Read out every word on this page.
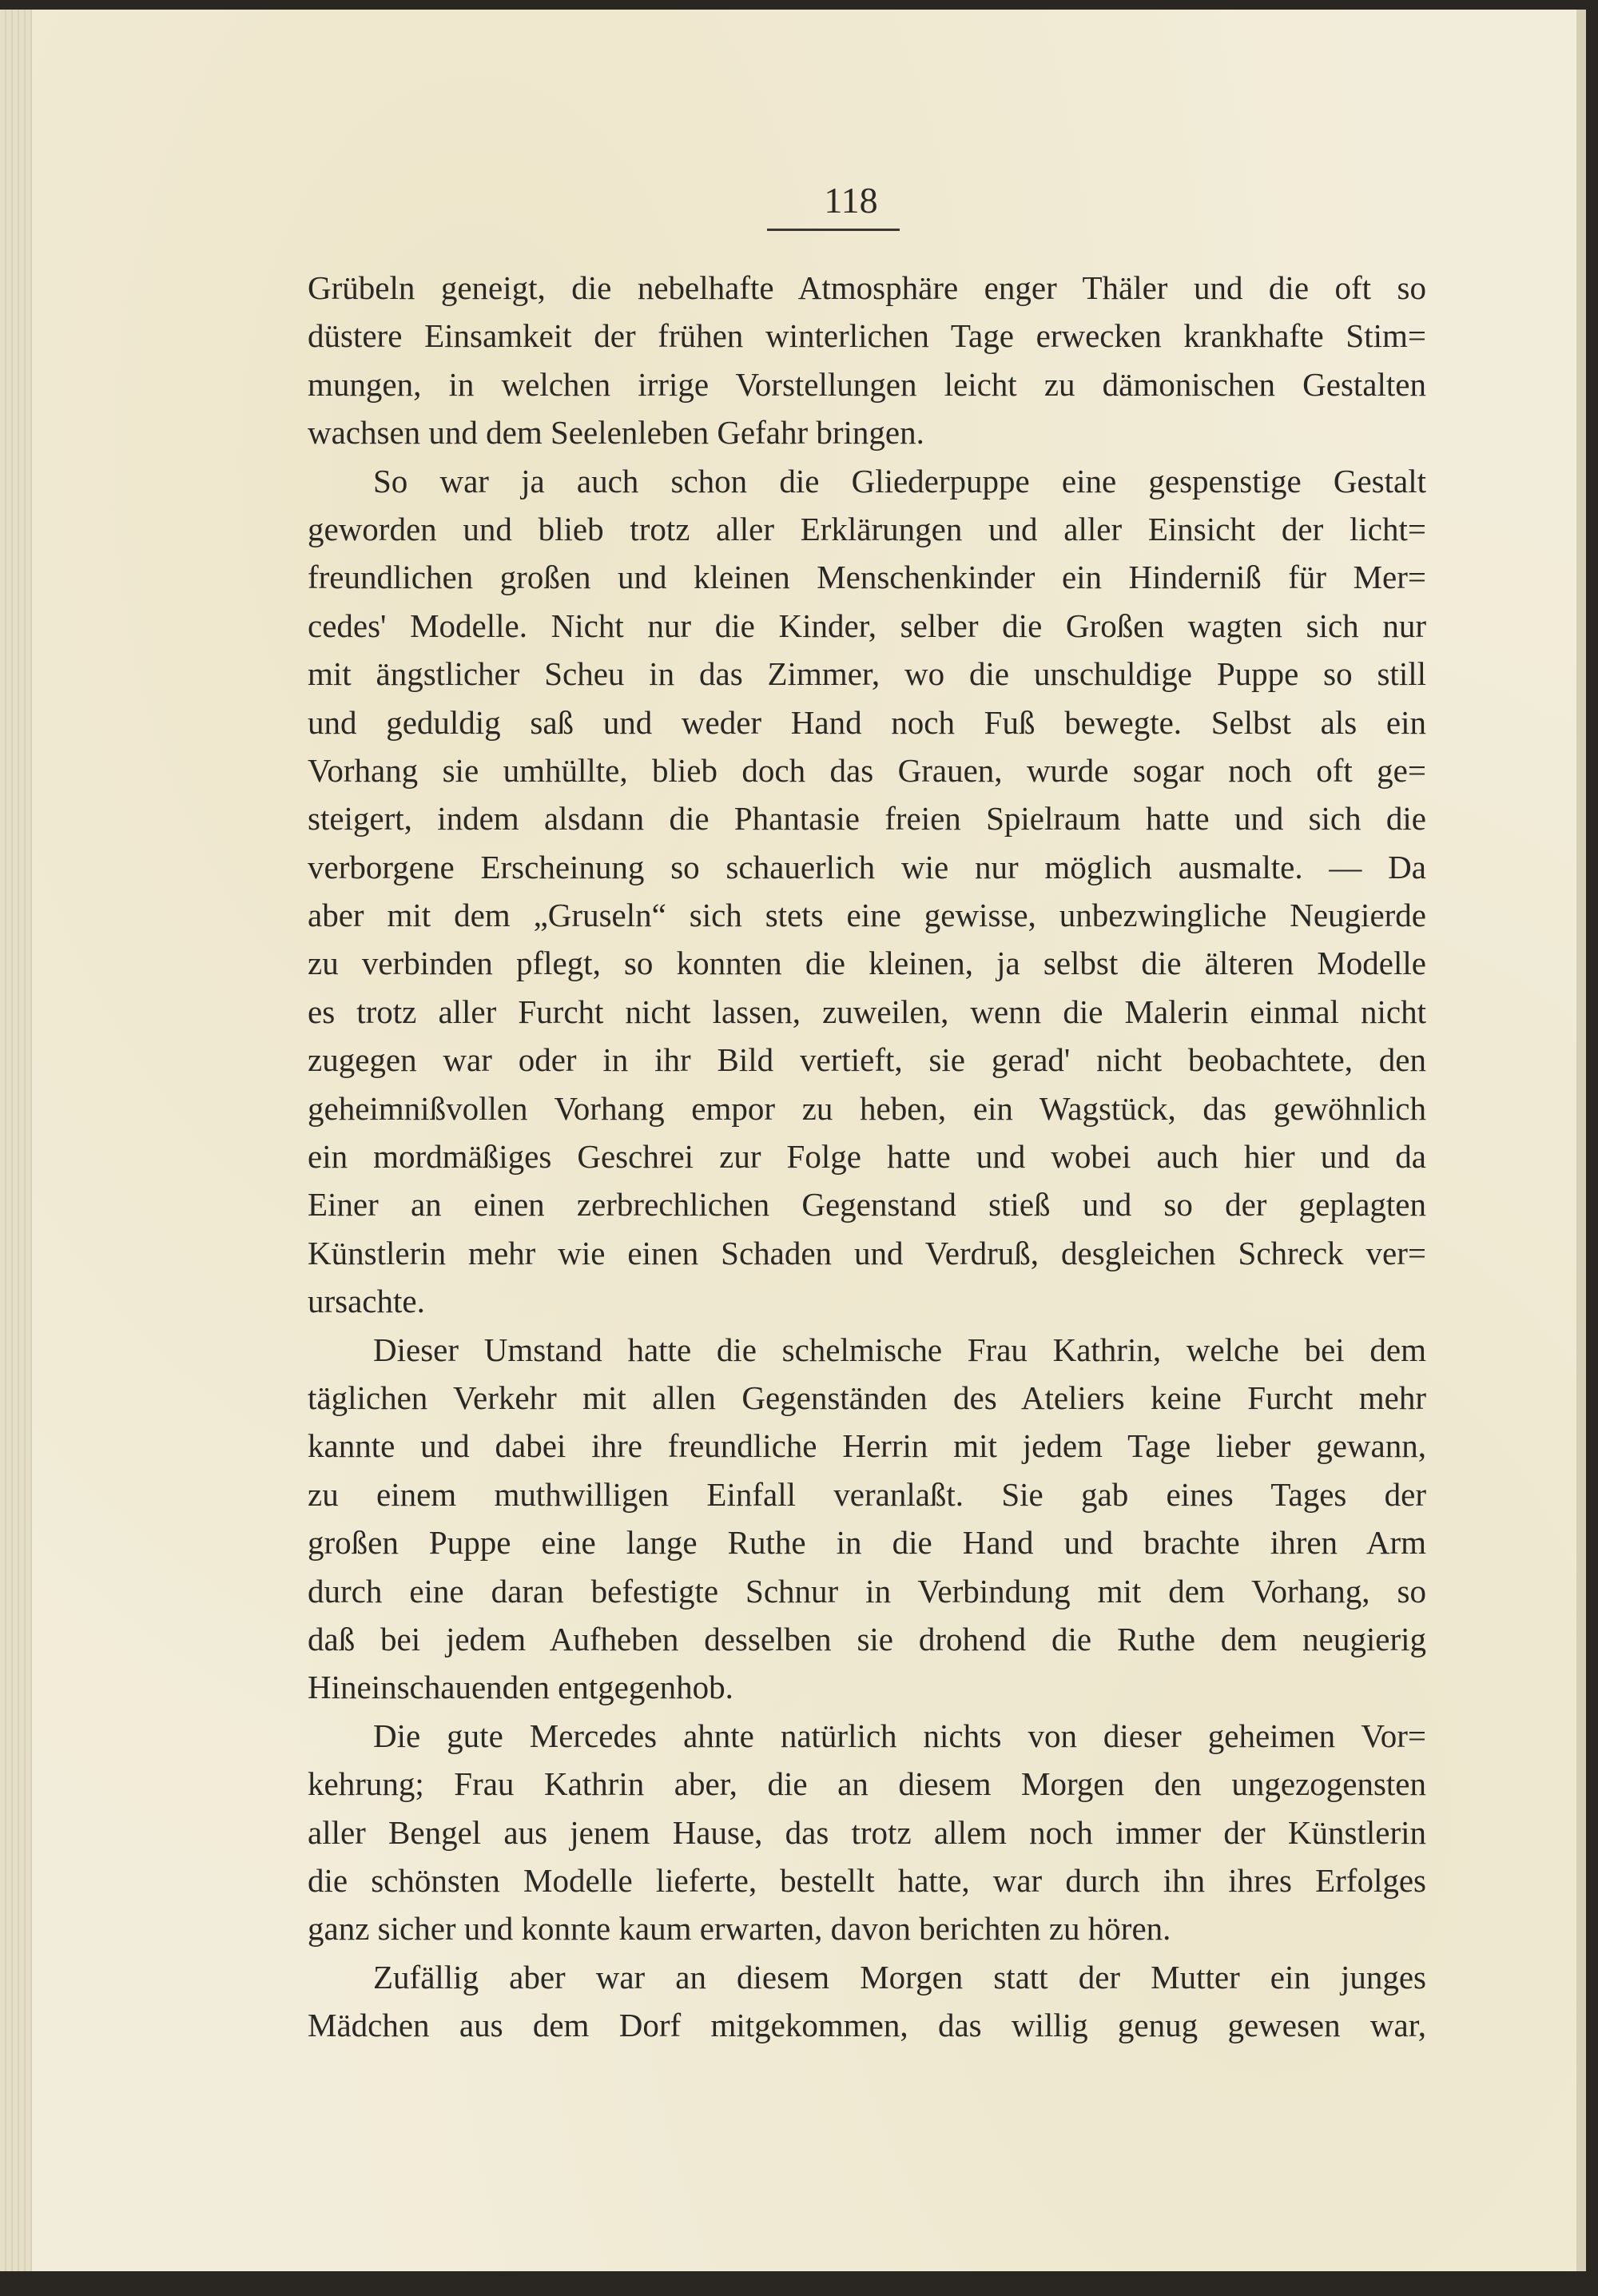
118
Grübeln geneigt, die nebelhafte Atmosphäre enger Thäler und die oft so
düstere Einsamkeit der frühen winterlichen Tage erwecken krankhafte Stim=
mungen, in welchen irrige Vorstellungen leicht zu dämonischen Gestalten
wachsen und dem Seelenleben Gefahr bringen.
So war ja auch schon die Gliederpuppe eine gespenstige Gestalt
geworden und blieb trotz aller Erklärungen und aller Einsicht der licht=
freundlichen großen und kleinen Menschenkinder ein Hinderniß für Mer=
cedes' Modelle. Nicht nur die Kinder, selber die Großen wagten sich nur
mit ängstlicher Scheu in das Zimmer, wo die unschuldige Puppe so still
und geduldig saß und weder Hand noch Fuß bewegte. Selbst als ein
Vorhang sie umhüllte, blieb doch das Grauen, wurde sogar noch oft ge=
steigert, indem alsdann die Phantasie freien Spielraum hatte und sich die
verborgene Erscheinung so schauerlich wie nur möglich ausmalte. — Da
aber mit dem „Gruseln“ sich stets eine gewisse, unbezwingliche Neugierde
zu verbinden pflegt, so konnten die kleinen, ja selbst die älteren Modelle
es trotz aller Furcht nicht lassen, zuweilen, wenn die Malerin einmal nicht
zugegen war oder in ihr Bild vertieft, sie gerad' nicht beobachtete, den
geheimnißvollen Vorhang empor zu heben, ein Wagstück, das gewöhnlich
ein mordmäßiges Geschrei zur Folge hatte und wobei auch hier und da
Einer an einen zerbrechlichen Gegenstand stieß und so der geplagten
Künstlerin mehr wie einen Schaden und Verdruß, desgleichen Schreck ver=
ursachte.
Dieser Umstand hatte die schelmische Frau Kathrin, welche bei dem
täglichen Verkehr mit allen Gegenständen des Ateliers keine Furcht mehr
kannte und dabei ihre freundliche Herrin mit jedem Tage lieber gewann,
zu einem muthwilligen Einfall veranlaßt. Sie gab eines Tages der
großen Puppe eine lange Ruthe in die Hand und brachte ihren Arm
durch eine daran befestigte Schnur in Verbindung mit dem Vorhang, so
daß bei jedem Aufheben desselben sie drohend die Ruthe dem neugierig
Hineinschauenden entgegenhob.
Die gute Mercedes ahnte natürlich nichts von dieser geheimen Vor=
kehrung; Frau Kathrin aber, die an diesem Morgen den ungezogensten
aller Bengel aus jenem Hause, das trotz allem noch immer der Künstlerin
die schönsten Modelle lieferte, bestellt hatte, war durch ihn ihres Erfolges
ganz sicher und konnte kaum erwarten, davon berichten zu hören.
Zufällig aber war an diesem Morgen statt der Mutter ein junges
Mädchen aus dem Dorf mitgekommen, das willig genug gewesen war,
